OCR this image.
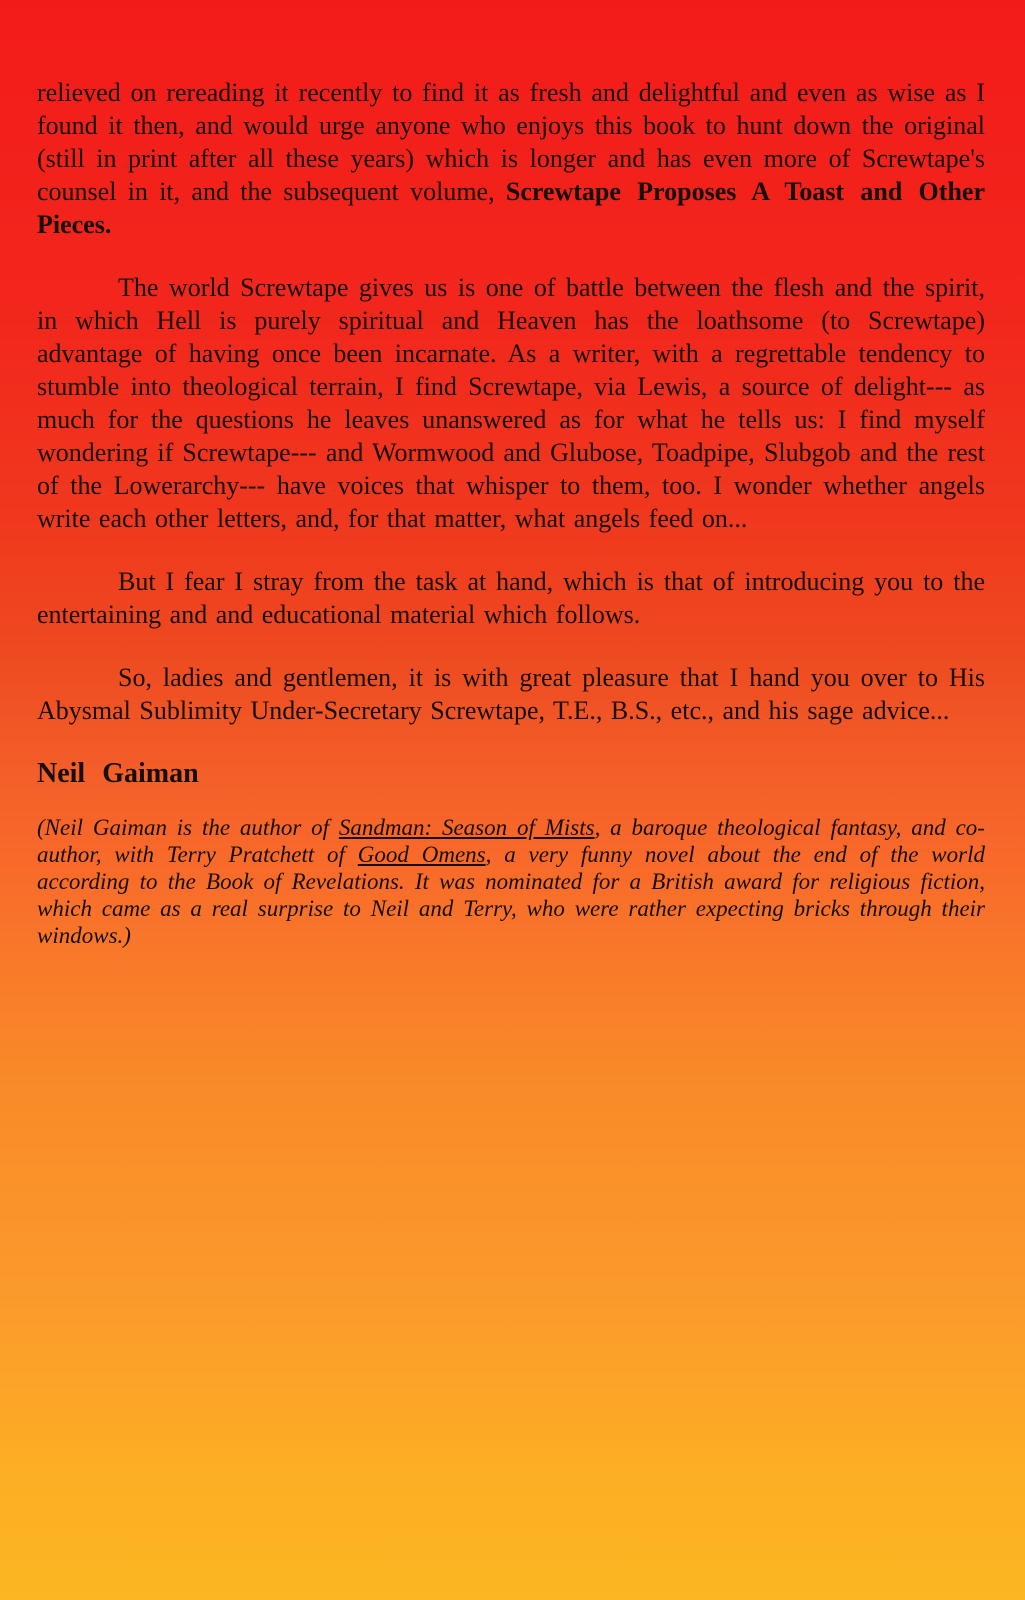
relieved on rereading it recently to find it as fresh and delightful and even as wise as I found it then, and would urge anyone who enjoys this book to hunt down the original (still in print after all these years) which is longer and has even more of Screwtape's counsel in it, and the subsequent volume, Screwtape Proposes A Toast and Other Pieces.

The world Screwtape gives us is one of battle between the flesh and the spirit, in which Hell is purely spiritual and Heaven has the loathsome (to Screwtape) advantage of having once been incarnate. As a writer, with a regrettable tendency to stumble into theological terrain, I find Screwtape, via Lewis, a source of delight--- as much for the questions he leaves unanswered as for what he tells us: I find myself wondering if Screwtape--- and Wormwood and Glubose, Toadpipe, Slubgob and the rest of the Lowerarchy--- have voices that whisper to them, too. I wonder whether angels write each other letters, and, for that matter, what angels feed on...

But I fear I stray from the task at hand, which is that of introducing you to the entertaining and and educational material which follows.

So, ladies and gentlemen, it is with great pleasure that I hand you over to His Abysmal Sublimity Under-Secretary Screwtape, T.E., B.S., etc., and his sage advice...

Neil Gaiman

(Neil Gaiman is the author of Sandman: Season of Mists, a baroque theological fantasy, and co-author, with Terry Pratchett of Good Omens, a very funny novel about the end of the world according to the Book of Revelations. It was nominated for a British award for religious fiction, which came as a real surprise to Neil and Terry, who were rather expecting bricks through their windows.)
